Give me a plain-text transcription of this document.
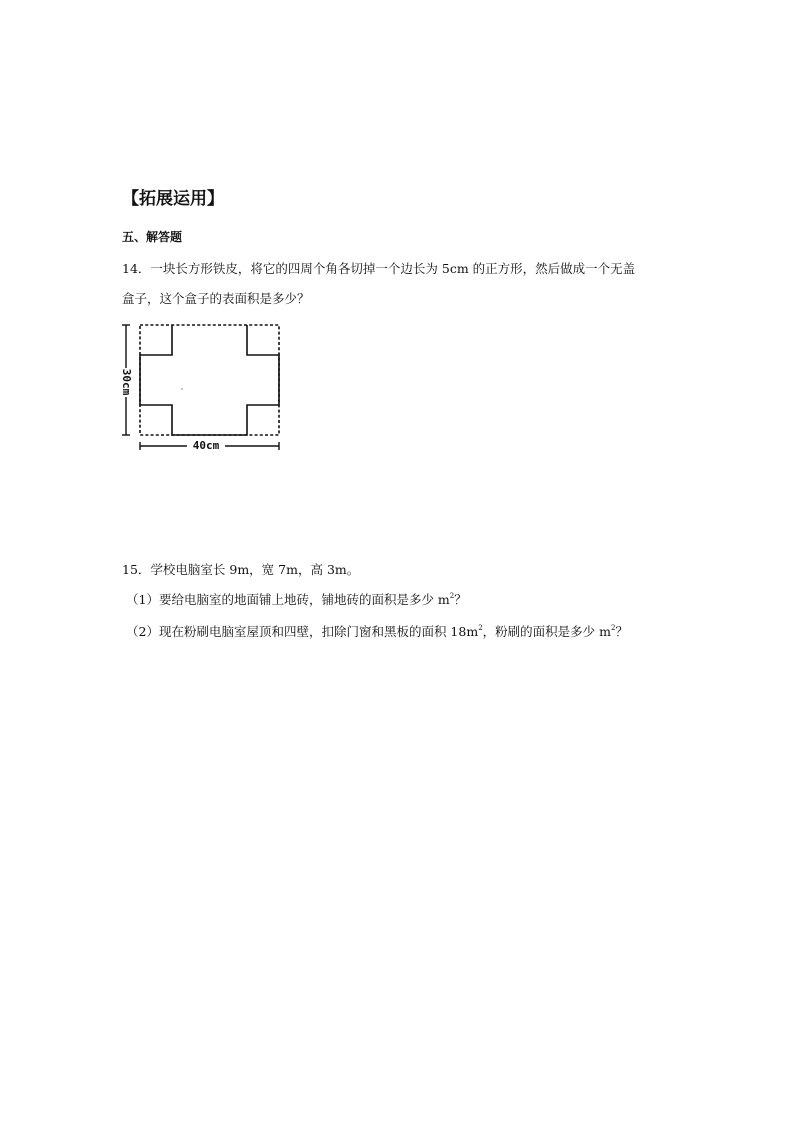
【拓展运用】
五、解答题
14．一块长方形铁皮，将它的四周个角各切掉一个边长为 5cm 的正方形，然后做成一个无盖
盒子，这个盒子的表面积是多少？
30cm
40cm
15．学校电脑室长 9m，宽 7m，高 3m。
（1）要给电脑室的地面铺上地砖，铺地砖的面积是多少 $m^2$？
（2）现在粉刷电脑室屋顶和四壁，扣除门窗和黑板的面积 $18m^2$，粉刷的面积是多少 $m^2$？
